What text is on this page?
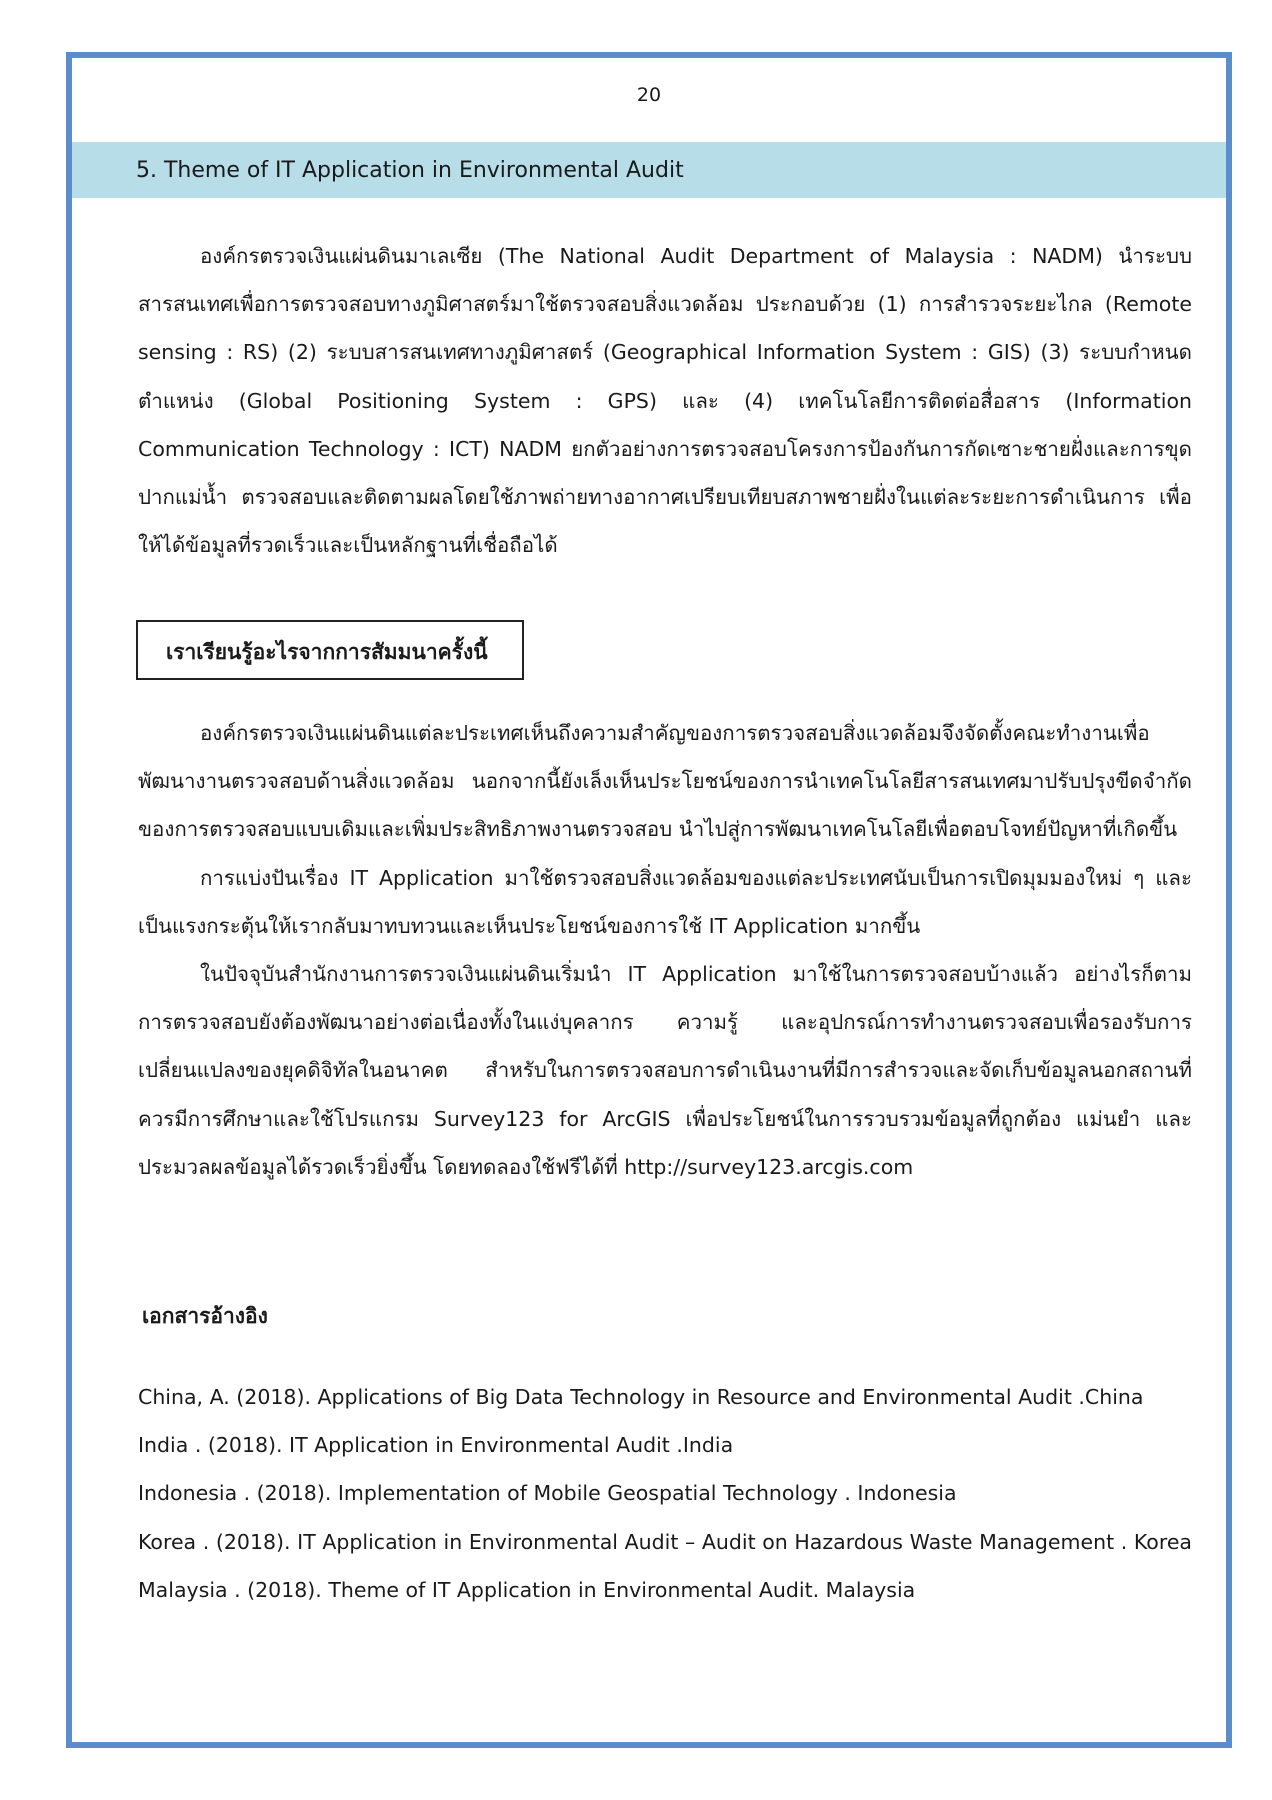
20
5. Theme of IT Application in Environmental Audit

องค์กรตรวจเงินแผ่นดินมาเลเซีย (The National Audit Department of Malaysia : NADM) นำระบบสารสนเทศเพื่อการตรวจสอบทางภูมิศาสตร์มาใช้ตรวจสอบสิ่งแวดล้อม ประกอบด้วย (1) การสำรวจระยะไกล (Remote sensing : RS) (2) ระบบสารสนเทศทางภูมิศาสตร์ (Geographical Information System : GIS) (3) ระบบกำหนดตำแหน่ง (Global Positioning System : GPS) และ (4) เทคโนโลยีการติดต่อสื่อสาร (Information Communication Technology : ICT) NADM ยกตัวอย่างการตรวจสอบโครงการป้องกันการกัดเซาะชายฝั่งและการขุดปากแม่น้ำ ตรวจสอบและติดตามผลโดยใช้ภาพถ่ายทางอากาศเปรียบเทียบสภาพชายฝั่งในแต่ละระยะการดำเนินการ เพื่อให้ได้ข้อมูลที่รวดเร็วและเป็นหลักฐานที่เชื่อถือได้

เราเรียนรู้อะไรจากการสัมมนาครั้งนี้

องค์กรตรวจเงินแผ่นดินแต่ละประเทศเห็นถึงความสำคัญของการตรวจสอบสิ่งแวดล้อมจึงจัดตั้งคณะทำงานเพื่อพัฒนางานตรวจสอบด้านสิ่งแวดล้อม นอกจากนี้ยังเล็งเห็นประโยชน์ของการนำเทคโนโลยีสารสนเทศมาปรับปรุงขีดจำกัดของการตรวจสอบแบบเดิมและเพิ่มประสิทธิภาพงานตรวจสอบ นำไปสู่การพัฒนาเทคโนโลยีเพื่อตอบโจทย์ปัญหาที่เกิดขึ้น

การแบ่งปันเรื่อง IT Application มาใช้ตรวจสอบสิ่งแวดล้อมของแต่ละประเทศนับเป็นการเปิดมุมมองใหม่ ๆ และเป็นแรงกระตุ้นให้เรากลับมาทบทวนและเห็นประโยชน์ของการใช้ IT Application มากขึ้น

ในปัจจุบันสำนักงานการตรวจเงินแผ่นดินเริ่มนำ IT Application มาใช้ในการตรวจสอบบ้างแล้ว อย่างไรก็ตาม การตรวจสอบยังต้องพัฒนาอย่างต่อเนื่องทั้งในแง่บุคลากร ความรู้ และอุปกรณ์การทำงานตรวจสอบเพื่อรองรับการเปลี่ยนแปลงของยุคดิจิทัลในอนาคต สำหรับในการตรวจสอบการดำเนินงานที่มีการสำรวจและจัดเก็บข้อมูลนอกสถานที่ ควรมีการศึกษาและใช้โปรแกรม Survey123 for ArcGIS เพื่อประโยชน์ในการรวบรวมข้อมูลที่ถูกต้อง แม่นยำ และประมวลผลข้อมูลได้รวดเร็วยิ่งขึ้น โดยทดลองใช้ฟรีได้ที่ http://survey123.arcgis.com

เอกสารอ้างอิง

China, A. (2018). Applications of Big Data Technology in Resource and Environmental Audit .China

India . (2018). IT Application in Environmental Audit .India

Indonesia . (2018). Implementation of Mobile Geospatial Technology . Indonesia

Korea . (2018). IT Application in Environmental Audit – Audit on Hazardous Waste Management . Korea

Malaysia . (2018). Theme of IT Application in Environmental Audit. Malaysia
